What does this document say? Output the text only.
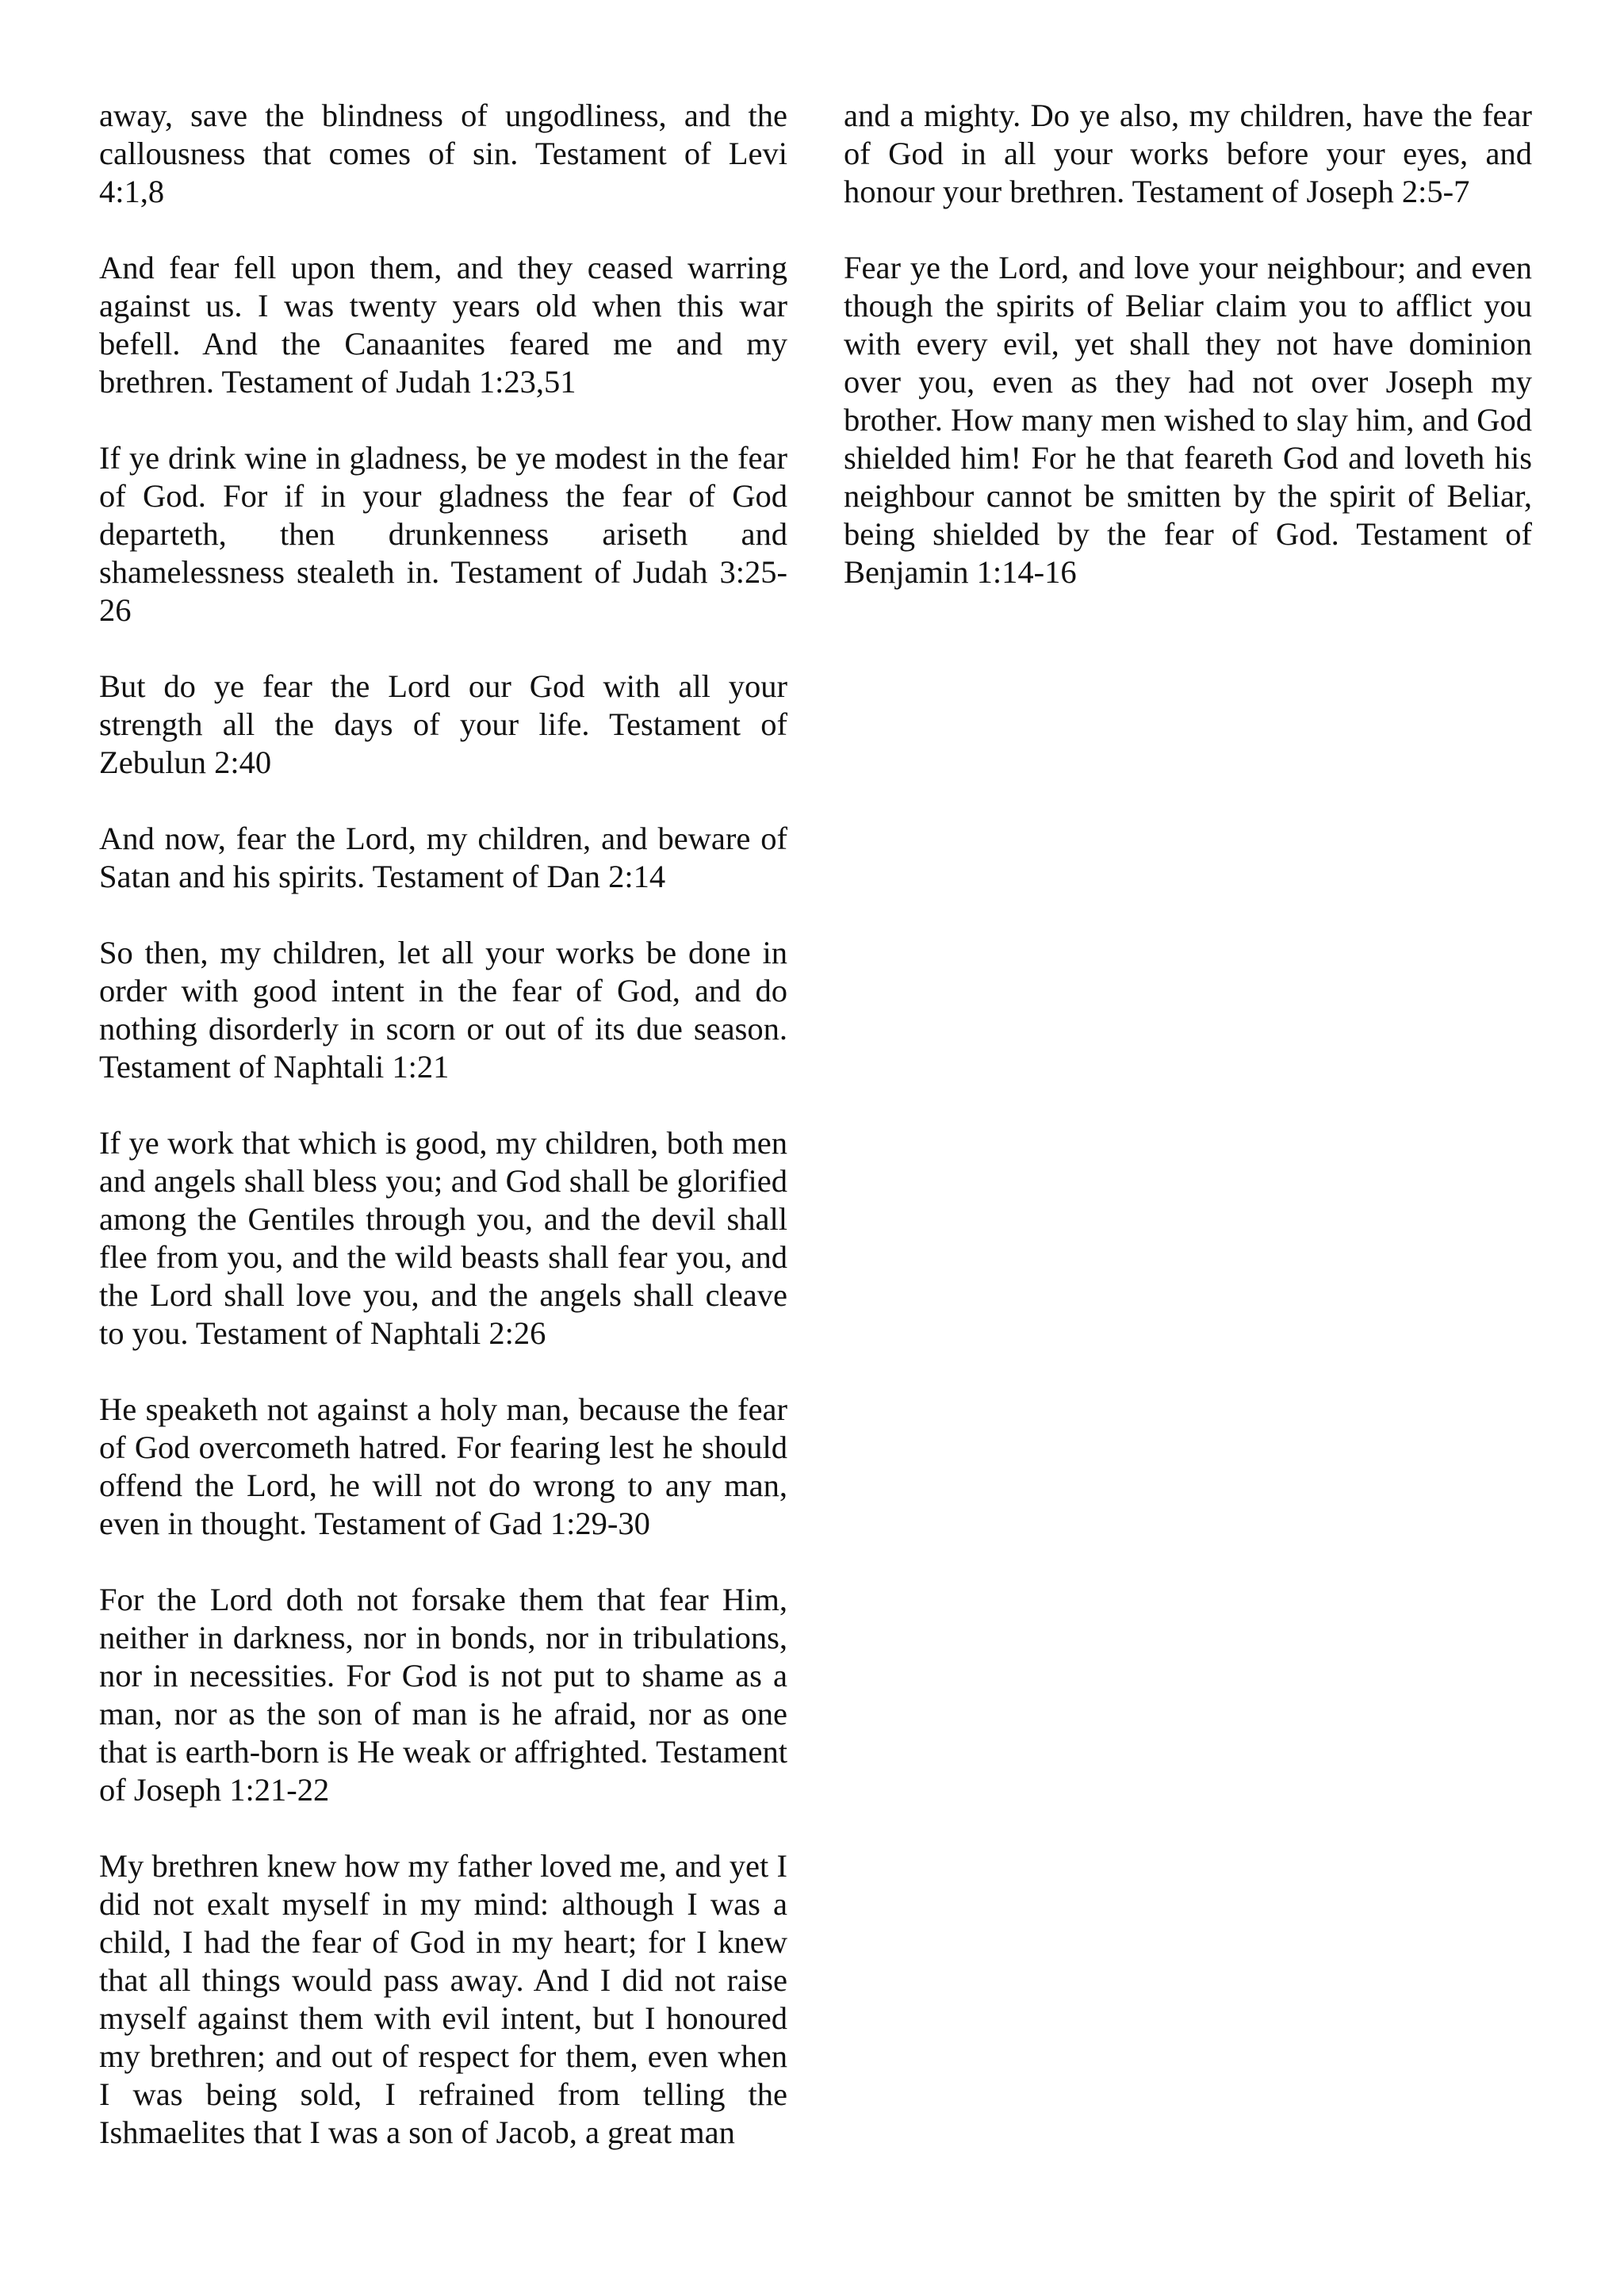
away, save the blindness of ungodliness, and the callousness that comes of sin. Testament of Levi 4:1,8

And fear fell upon them, and they ceased warring against us. I was twenty years old when this war befell. And the Canaanites feared me and my brethren. Testament of Judah 1:23,51

If ye drink wine in gladness, be ye modest in the fear of God. For if in your gladness the fear of God departeth, then drunkenness ariseth and shamelessness stealeth in. Testament of Judah 3:25-26

But do ye fear the Lord our God with all your strength all the days of your life. Testament of Zebulun 2:40

And now, fear the Lord, my children, and beware of Satan and his spirits. Testament of Dan 2:14

So then, my children, let all your works be done in order with good intent in the fear of God, and do nothing disorderly in scorn or out of its due season. Testament of Naphtali 1:21

If ye work that which is good, my children, both men and angels shall bless you; and God shall be glorified among the Gentiles through you, and the devil shall flee from you, and the wild beasts shall fear you, and the Lord shall love you, and the angels shall cleave to you. Testament of Naphtali 2:26

He speaketh not against a holy man, because the fear of God overcometh hatred. For fearing lest he should offend the Lord, he will not do wrong to any man, even in thought. Testament of Gad 1:29-30

For the Lord doth not forsake them that fear Him, neither in darkness, nor in bonds, nor in tribulations, nor in necessities. For God is not put to shame as a man, nor as the son of man is he afraid, nor as one that is earth-born is He weak or affrighted. Testament of Joseph 1:21-22

My brethren knew how my father loved me, and yet I did not exalt myself in my mind: although I was a child, I had the fear of God in my heart; for I knew that all things would pass away. And I did not raise myself against them with evil intent, but I honoured my brethren; and out of respect for them, even when I was being sold, I refrained from telling the Ishmaelites that I was a son of Jacob, a great man

and a mighty. Do ye also, my children, have the fear of God in all your works before your eyes, and honour your brethren. Testament of Joseph 2:5-7

Fear ye the Lord, and love your neighbour; and even though the spirits of Beliar claim you to afflict you with every evil, yet shall they not have dominion over you, even as they had not over Joseph my brother. How many men wished to slay him, and God shielded him! For he that feareth God and loveth his neighbour cannot be smitten by the spirit of Beliar, being shielded by the fear of God. Testament of Benjamin 1:14-16
